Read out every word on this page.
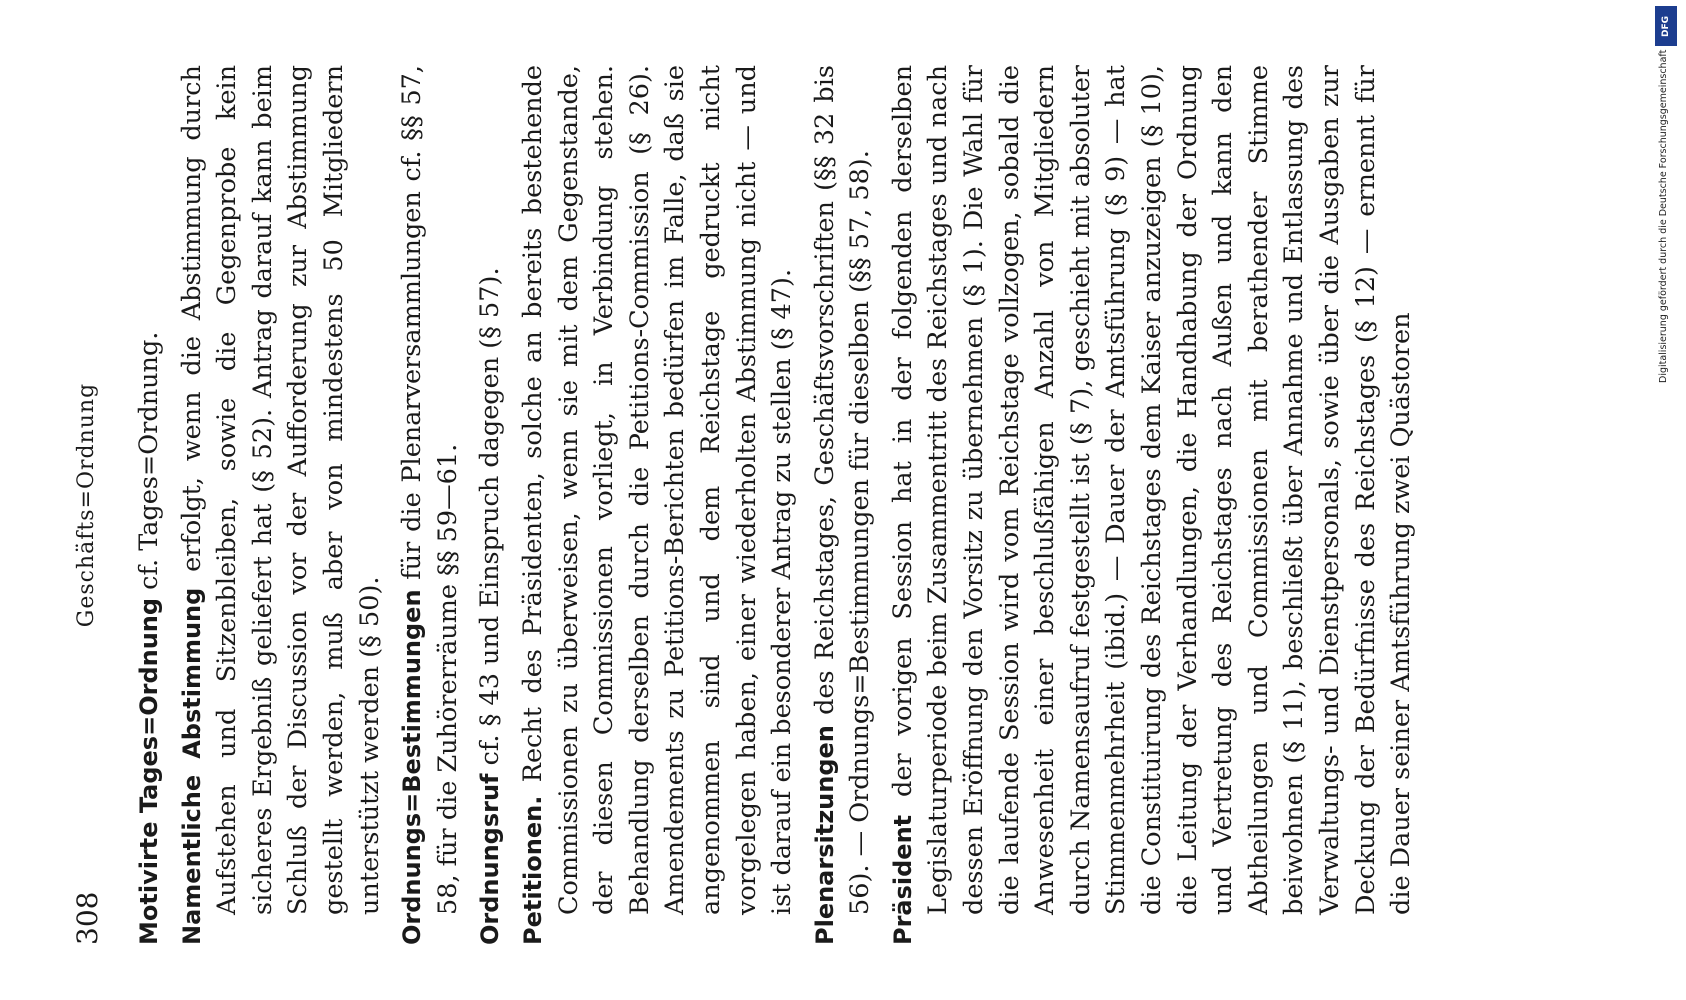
308
Geschäfts=Ordnung
Motivirte Tages=Ordnung cf. Tages=Ordnung.
Namentliche Abstimmung erfolgt, wenn die Abstimmung durch Aufstehen und Sitzenbleiben, sowie die Gegenprobe kein sicheres Ergebniß geliefert hat (§ 52). Antrag darauf kann beim Schluß der Discussion vor der Aufforderung zur Abstimmung gestellt werden, muß aber von mindestens 50 Mitgliedern unterstützt werden (§ 50). Ordnungs=Bestimmungen für die Plenarversammlungen cf. §§ 57, 58, für die Zuhörerräume §§ 59—61. Ordnungsruf cf. § 43 und Einspruch dagegen (§ 57).
Petitionen. Recht des Präsidenten, solche an bereits bestehende Commissionen zu überweisen, wenn sie mit dem Gegenstande, der diesen Commissionen vorliegt, in Verbindung stehen. Behandlung derselben durch die Petitions-Commission (§ 26). Amendements zu Petitions-Berichten bedürfen im Falle, daß sie angenommen sind und dem Reichstage gedruckt nicht vorgelegen haben, einer wiederholten Abstimmung nicht — und ist darauf ein besonderer Antrag zu stellen (§ 47). Plenarsitzungen des Reichstages, Geschäftsvorschriften (§§ 32 bis 56). — Ordnungs=Bestimmungen für dieselben (§§ 57, 58). Präsident der vorigen Session hat in der folgenden derselben Legislaturperiode beim Zusammentritt des Reichstages und nach dessen Eröffnung den Vorsitz zu übernehmen (§ 1). Die Wahl für die laufende Session wird vom Reichstage vollzogen, sobald die Anwesenheit einer beschlußfähigen Anzahl von Mitgliedern durch Namensaufruf festgestellt ist (§ 7), geschieht mit absoluter Stimmenmehrheit (ibid.) — Dauer der Amtsführung (§ 9) — hat die Constituirung des Reichstages dem Kaiser anzuzeigen (§ 10), die Leitung der Verhandlungen, die Handhabung der Ordnung und Vertretung des Reichstages nach Außen und kann den Abtheilungen und Commissionen mit berathender Stimme beiwohnen (§ 11), beschließt über Annahme und Entlassung des Verwaltungs- und Dienstpersonals, sowie über die Ausgaben zur Deckung der Bedürfnisse des Reichstages (§ 12) — ernennt für die Dauer seiner Amtsführung zwei Quästoren
DFG
Digitalisierung gefördert durch die Deutsche Forschungsgemeinschaft
